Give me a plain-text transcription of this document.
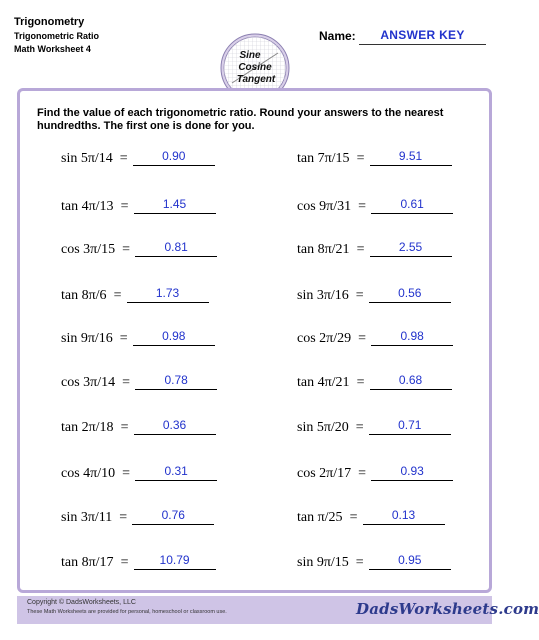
Trigonometry
Trigonometric Ratio
Math Worksheet 4
Sine
Cosine
Tangent
Name:	ANSWER KEY
Find the value of each trigonometric ratio. Round your answers to the nearest hundredths. The first one is done for you.
sin 5π/14 =	0.90	tan 7π/15 =	9.51
tan 4π/13 =	1.45	cos 9π/31 =	0.61
cos 3π/15 =	0.81	tan 8π/21 =	2.55
tan 8π/6 =	1.73	sin 3π/16 =	0.56
sin 9π/16 =	0.98	cos 2π/29 =	0.98
cos 3π/14 =	0.78	tan 4π/21 =	0.68
tan 2π/18 =	0.36	sin 5π/20 =	0.71
cos 4π/10 =	0.31	cos 2π/17 =	0.93
sin 3π/11 =	0.76	tan π/25 =	0.13
tan 8π/17 =	10.79	sin 9π/15 =	0.95
Copyright © DadsWorksheets, LLC
These Math Worksheets are provided for personal, homeschool or classroom use.	DadsWorksheets.com
